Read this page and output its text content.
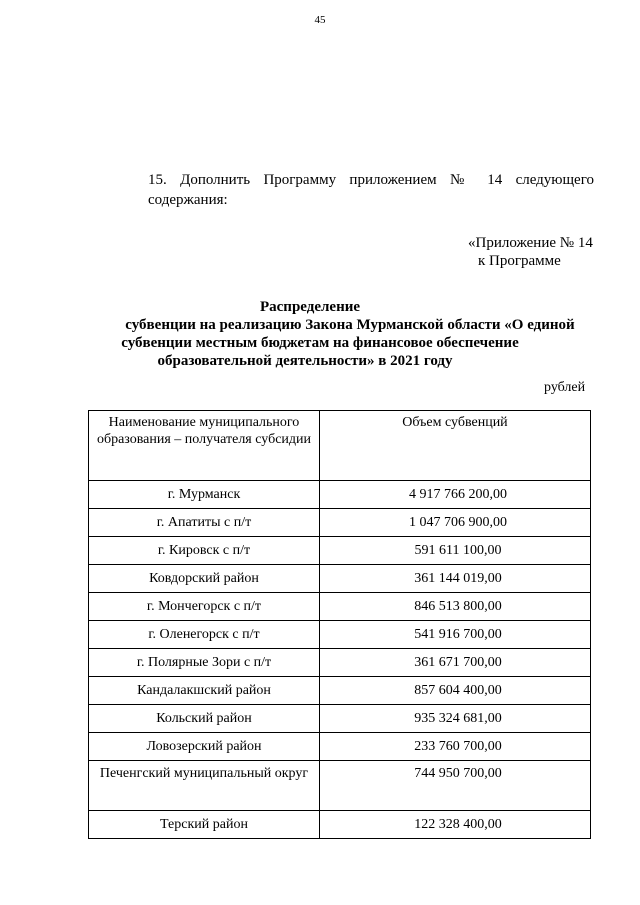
45
15. Дополнить Программу приложением № 14 следующего
содержания:
«Приложение № 14
к Программе
Распределение
субвенции на реализацию Закона Мурманской области «О единой
субвенции местным бюджетам на финансовое обеспечение
образовательной деятельности» в 2021 году
рублей
Наименование муниципального образования – получателя субсидии	Объем субвенций
г. Мурманск	4 917 766 200,00
г. Апатиты с п/т	1 047 706 900,00
г. Кировск с п/т	591 611 100,00
Ковдорский район	361 144 019,00
г. Мончегорск с п/т	846 513 800,00
г. Оленегорск с п/т	541 916 700,00
г. Полярные Зори с п/т	361 671 700,00
Кандалакшский район	857 604 400,00
Кольский район	935 324 681,00
Ловозерский район	233 760 700,00
Печенгский муниципальный округ	744 950 700,00
Терский район	122 328 400,00
